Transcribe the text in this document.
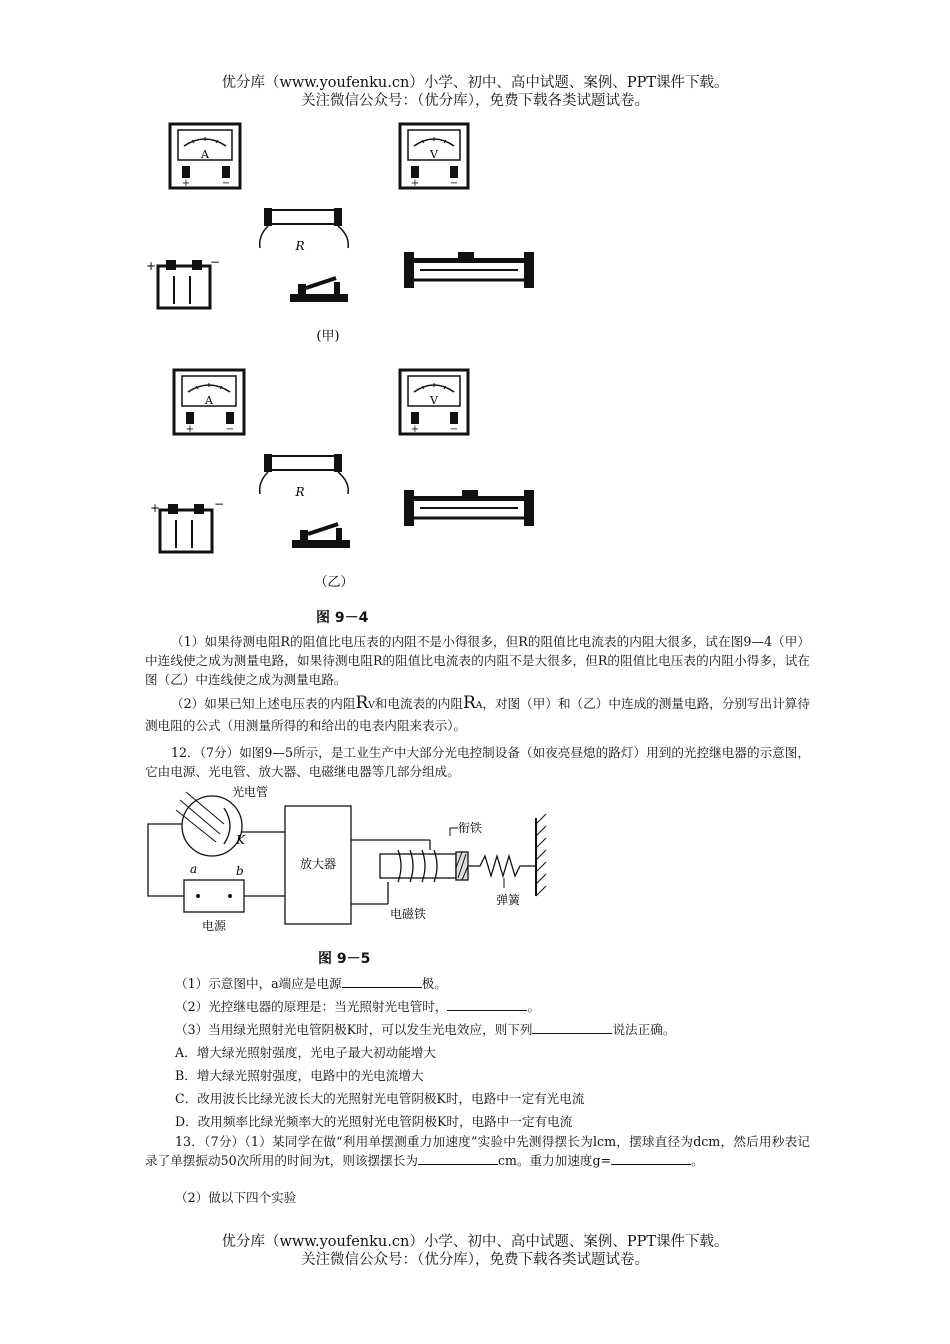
优分库（www.youfenku.cn）小学、初中、高中试题、案例、PPT课件下载。
关注微信公众号：（优分库），免费下载各类试题试卷。
A
+	−
V
+	−
R
+	−
(甲)
A
+	−
V
+	−
R
+	−
（乙）
图 9－4
（1）如果待测电阻R的阻值比电压表的内阻不是小得很多，但R的阻值比电流表的内阻大很多，试在图9—4（甲）中连线使之成为测量电路，如果待测电阻R的阻值比电流表的内阻不是大很多，但R的阻值比电压表的内阻小得多，试在图（乙）中连线使之成为测量电路。
（2）如果已知上述电压表的内阻RV和电流表的内阻RA，对图（甲）和（乙）中连成的测量电路，分别写出计算待测电阻的公式（用测量所得的和给出的电表内阻来表示）。
12．（7分）如图9—5所示，是工业生产中大部分光电控制设备（如夜亮昼熄的路灯）用到的光控继电器的示意图，它由电源、光电管、放大器、电磁继电器等几部分组成。
光电管
K
a	b
电源
放大器
电磁铁
衔铁
弹簧
图 9－5
（1）示意图中，a端应是电源	极。
（2）光控继电器的原理是：当光照射光电管时，	。
（3）当用绿光照射光电管阴极K时，可以发生光电效应，则下列	说法正确。
A．增大绿光照射强度，光电子最大初动能增大
B．增大绿光照射强度，电路中的光电流增大
C．改用波长比绿光波长大的光照射光电管阴极K时，电路中一定有光电流
D．改用频率比绿光频率大的光照射光电管阴极K时，电路中一定有电流
13．（7分）（1）某同学在做“利用单摆测重力加速度”实验中先测得摆长为lcm，摆球直径为dcm，然后用秒表记录了单摆振动50次所用的时间为t，则该摆摆长为	cm。重力加速度g=	。
（2）做以下四个实验
优分库（www.youfenku.cn）小学、初中、高中试题、案例、PPT课件下载。
关注微信公众号：（优分库），免费下载各类试题试卷。
